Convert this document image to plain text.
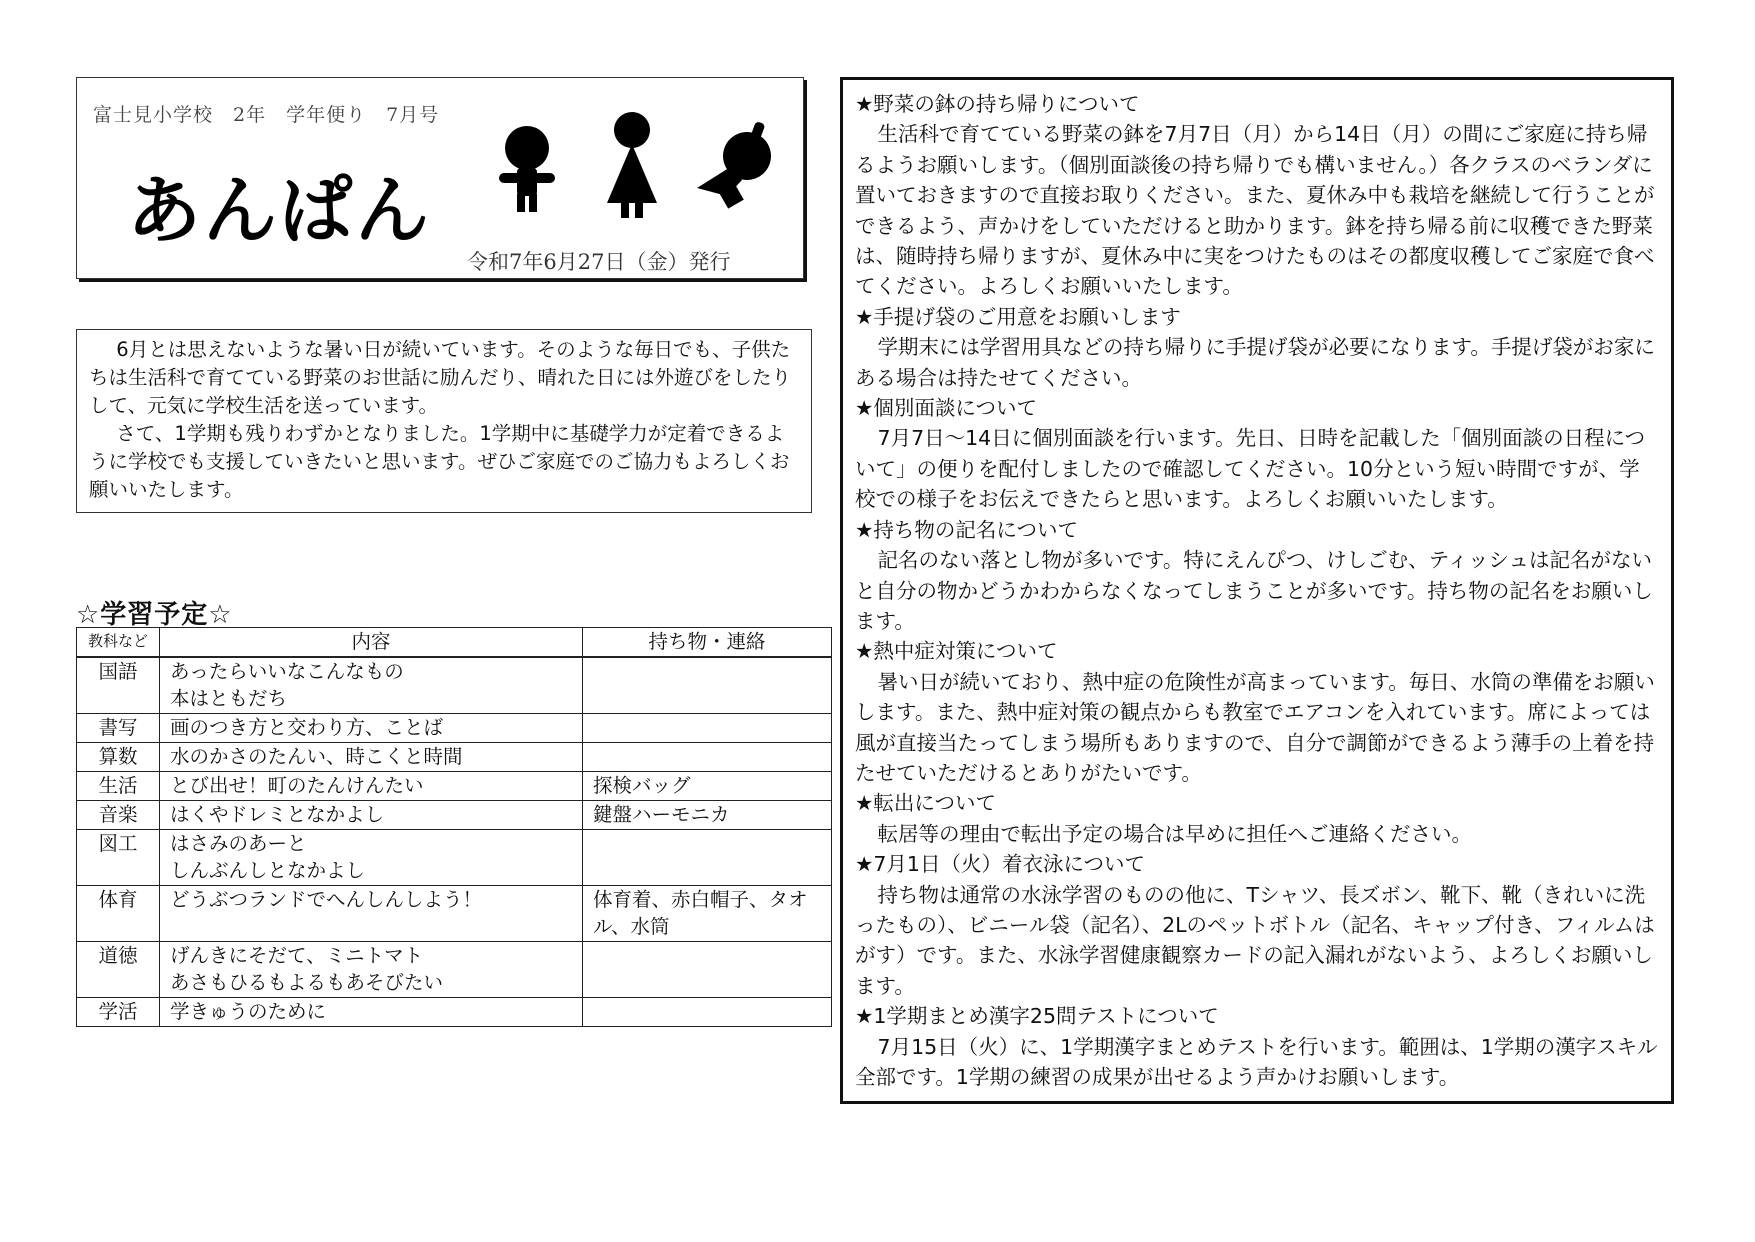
富士見小学校　2年　学年便り　7月号
あんぱん
令和7年6月27日（金）発行

6月とは思えないような暑い日が続いています。そのような毎日でも、子供たちは生活科で育てている野菜のお世話に励んだり、晴れた日には外遊びをしたりして、元気に学校生活を送っています。

さて、1学期も残りわずかとなりました。1学期中に基礎学力が定着できるように学校でも支援していきたいと思います。ぜひご家庭でのご協力もよろしくお願いいたします。

☆学習予定☆
教科など	内容	持ち物・連絡
国語	あったらいいなこんなもの
本はともだち	

書写	画のつき方と交わり方、ことば	

算数	水のかさのたんい、時こくと時間	

生活	とび出せ！町のたんけんたい	探検バッグ
音楽	はくやドレミとなかよし	鍵盤ハーモニカ
図工	はさみのあーと
しんぶんしとなかよし	

体育	どうぶつランドでへんしんしよう！	体育着、赤白帽子、タオル、水筒
道徳	げんきにそだて、ミニトマト
あさもひるもよるもあそびたい	

学活	学きゅうのために	

★野菜の鉢の持ち帰りについて

生活科で育てている野菜の鉢を7月7日（月）から14日（月）の間にご家庭に持ち帰るようお願いします。（個別面談後の持ち帰りでも構いません。）各クラスのベランダに置いておきますので直接お取りください。また、夏休み中も栽培を継続して行うことができるよう、声かけをしていただけると助かります。鉢を持ち帰る前に収穫できた野菜は、随時持ち帰りますが、夏休み中に実をつけたものはその都度収穫してご家庭で食べてください。よろしくお願いいたします。

★手提げ袋のご用意をお願いします

学期末には学習用具などの持ち帰りに手提げ袋が必要になります。手提げ袋がお家にある場合は持たせてください。

★個別面談について

7月7日～14日に個別面談を行います。先日、日時を記載した「個別面談の日程について」の便りを配付しましたので確認してください。10分という短い時間ですが、学校での様子をお伝えできたらと思います。よろしくお願いいたします。

★持ち物の記名について

記名のない落とし物が多いです。特にえんぴつ、けしごむ、ティッシュは記名がないと自分の物かどうかわからなくなってしまうことが多いです。持ち物の記名をお願いします。

★熱中症対策について

暑い日が続いており、熱中症の危険性が高まっています。毎日、水筒の準備をお願いします。また、熱中症対策の観点からも教室でエアコンを入れています。席によっては風が直接当たってしまう場所もありますので、自分で調節ができるよう薄手の上着を持たせていただけるとありがたいです。

★転出について

転居等の理由で転出予定の場合は早めに担任へご連絡ください。

★7月1日（火）着衣泳について

持ち物は通常の水泳学習のものの他に、Tシャツ、長ズボン、靴下、靴（きれいに洗ったもの）、ビニール袋（記名）、2Lのペットボトル（記名、キャップ付き、フィルムはがす）です。また、水泳学習健康観察カードの記入漏れがないよう、よろしくお願いします。

★1学期まとめ漢字25問テストについて

7月15日（火）に、1学期漢字まとめテストを行います。範囲は、1学期の漢字スキル全部です。1学期の練習の成果が出せるよう声かけお願いします。
